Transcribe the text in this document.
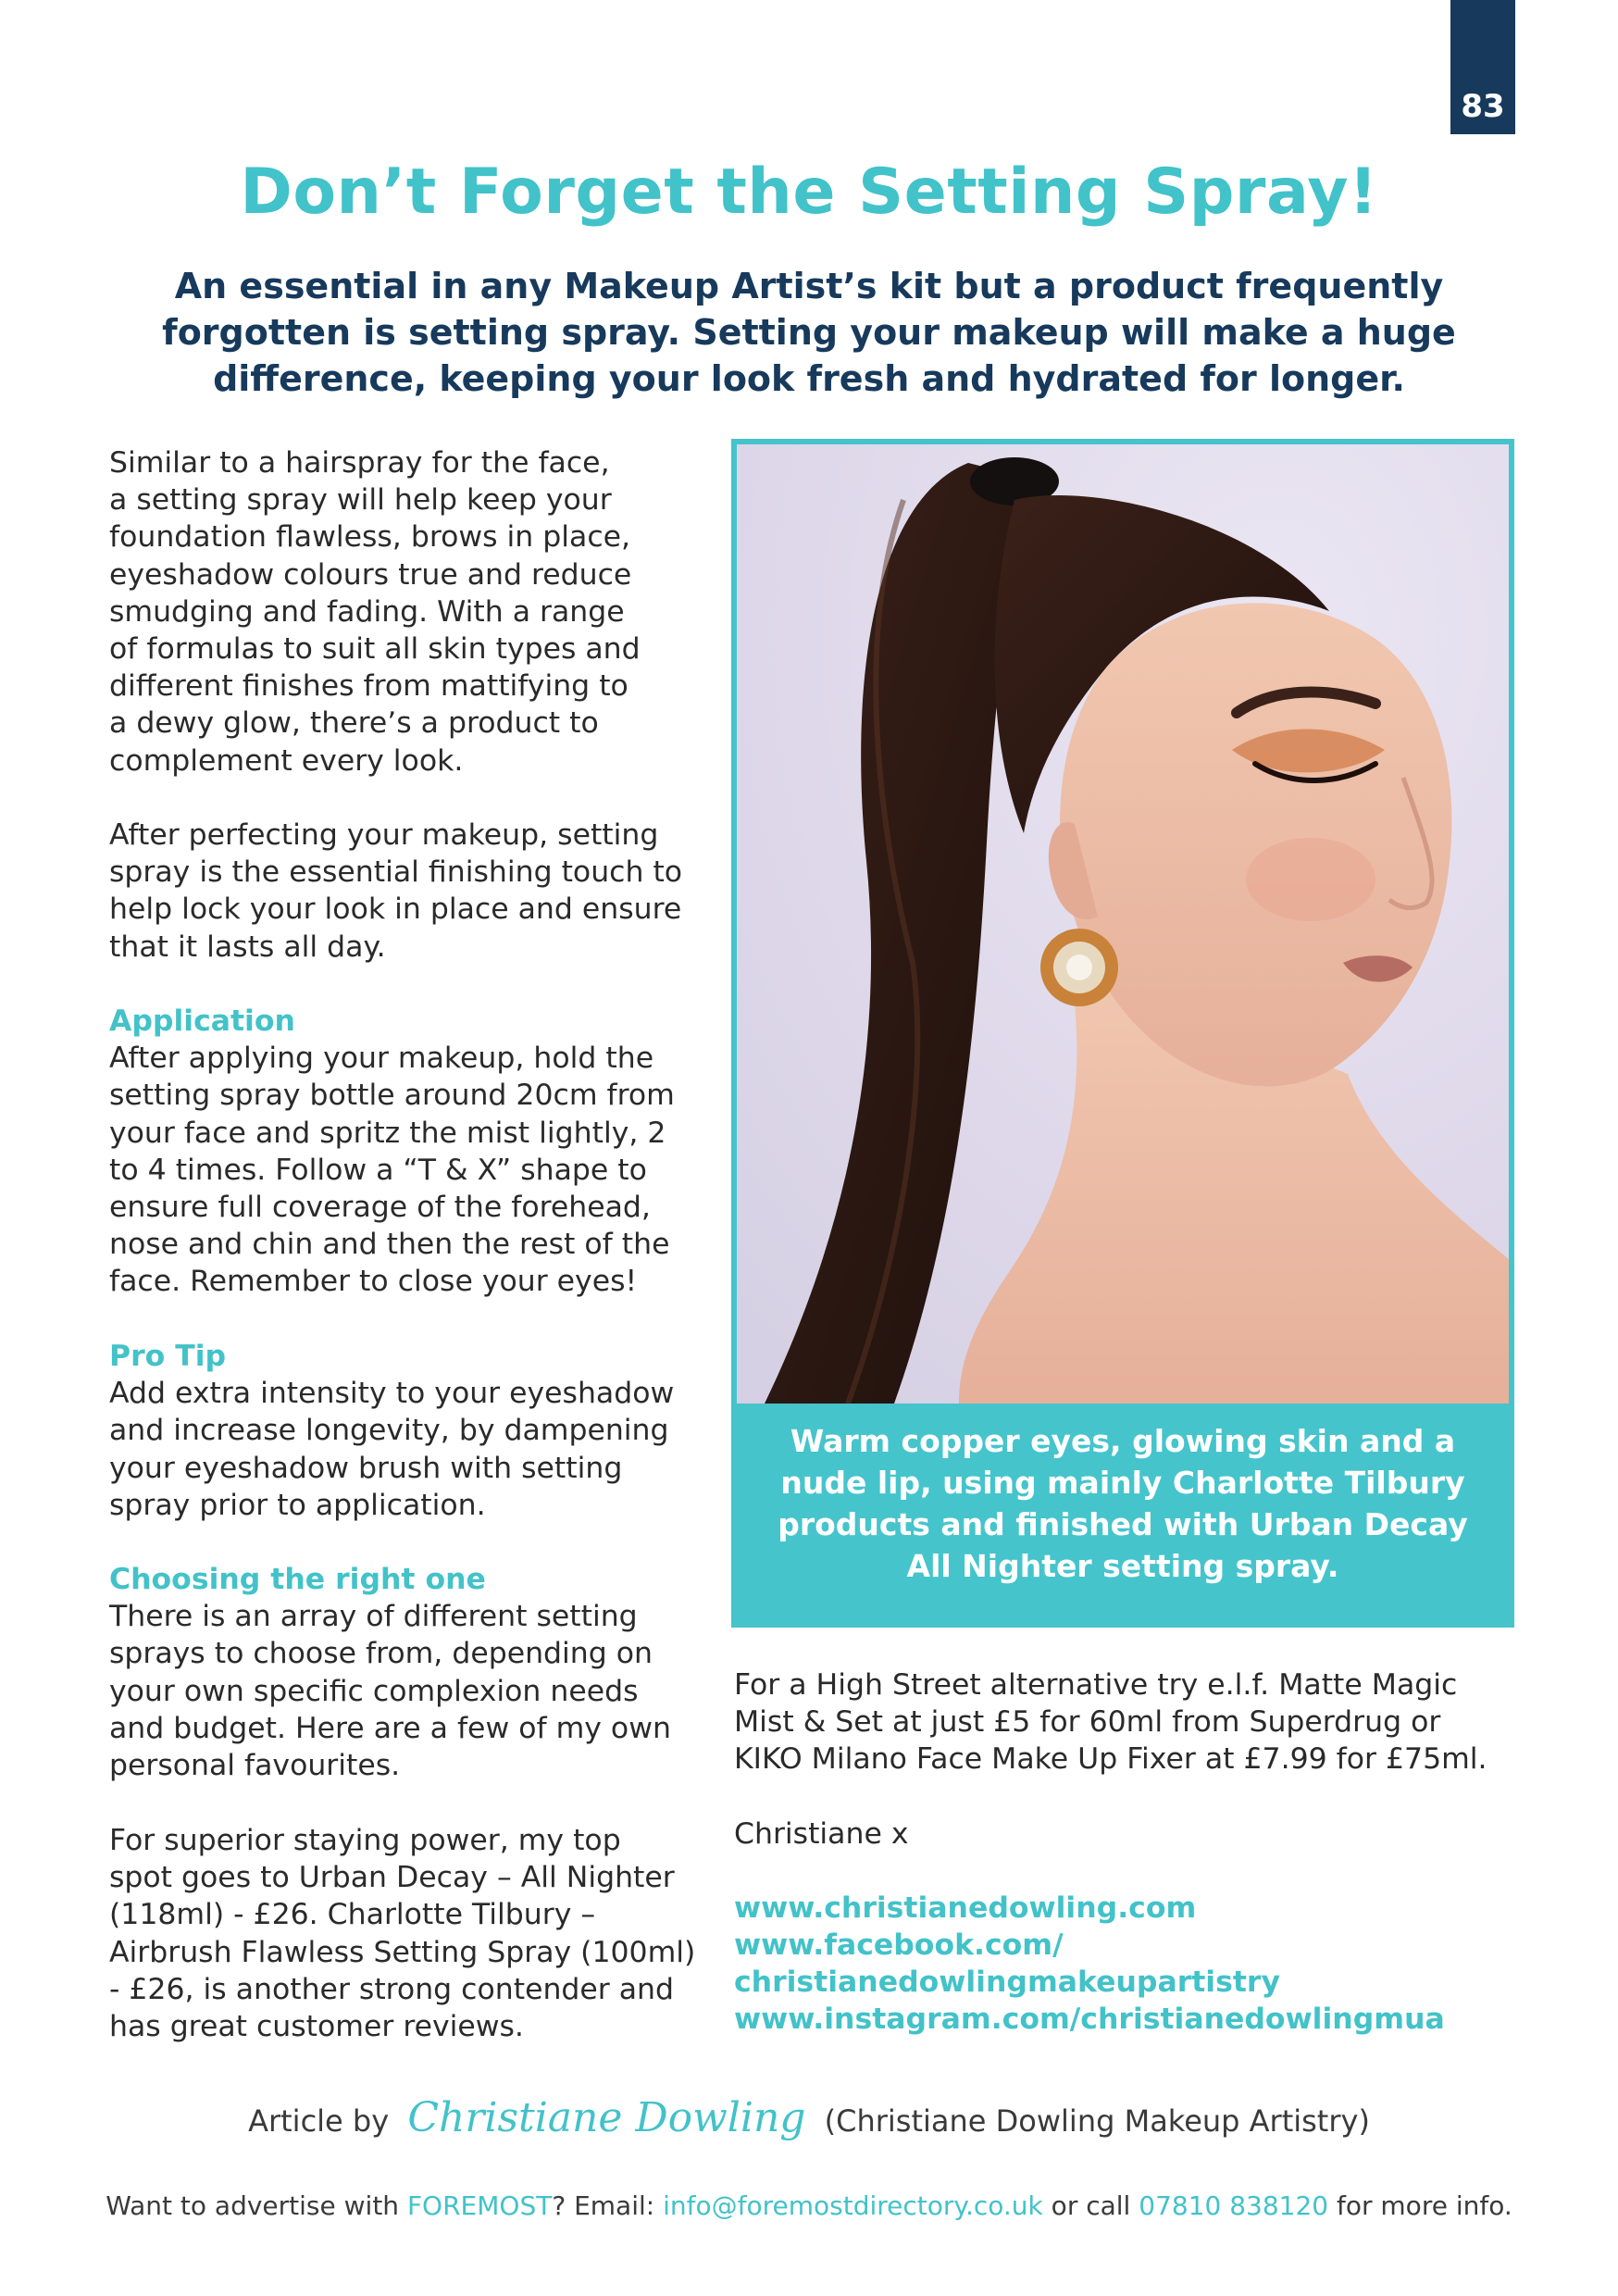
83
Don’t Forget the Setting Spray!

An essential in any Makeup Artist’s kit but a product frequently forgotten is setting spray. Setting your makeup will make a huge difference, keeping your look fresh and hydrated for longer.

Similar to a hairspray for the face,

a setting spray will help keep your

foundation flawless, brows in place,

eyeshadow colours true and reduce

smudging and fading. With a range

of formulas to suit all skin types and

different finishes from mattifying to

a dewy glow, there’s a product to

complement every look.

After perfecting your makeup, setting

spray is the essential finishing touch to

help lock your look in place and ensure

that it lasts all day.

Application

After applying your makeup, hold the

setting spray bottle around 20cm from

your face and spritz the mist lightly, 2

to 4 times. Follow a “T & X” shape to

ensure full coverage of the forehead,

nose and chin and then the rest of the

face. Remember to close your eyes!

Pro Tip

Add extra intensity to your eyeshadow

and increase longevity, by dampening

your eyeshadow brush with setting

spray prior to application.

Choosing the right one

There is an array of different setting

sprays to choose from, depending on

your own specific complexion needs

and budget. Here are a few of my own

personal favourites.

For superior staying power, my top

spot goes to Urban Decay – All Nighter

(118ml) - £26. Charlotte Tilbury –

Airbrush Flawless Setting Spray (100ml)

- £26, is another strong contender and

has great customer reviews.

Warm copper eyes, glowing skin and a
nude lip, using mainly Charlotte Tilbury
products and finished with Urban Decay
All Nighter setting spray.

For a High Street alternative try e.l.f. Matte Magic

Mist & Set at just £5 for 60ml from Superdrug or

KIKO Milano Face Make Up Fixer at £7.99 for £75ml.

Christiane x

www.christianedowling.com
www.facebook.com/
christianedowlingmakeupartistry
www.instagram.com/christianedowlingmua
Article by Christiane Dowling (Christiane Dowling Makeup Artistry)
Want to advertise with FOREMOST? Email: info@foremostdirectory.co.uk or call 07810 838120 for more info.
